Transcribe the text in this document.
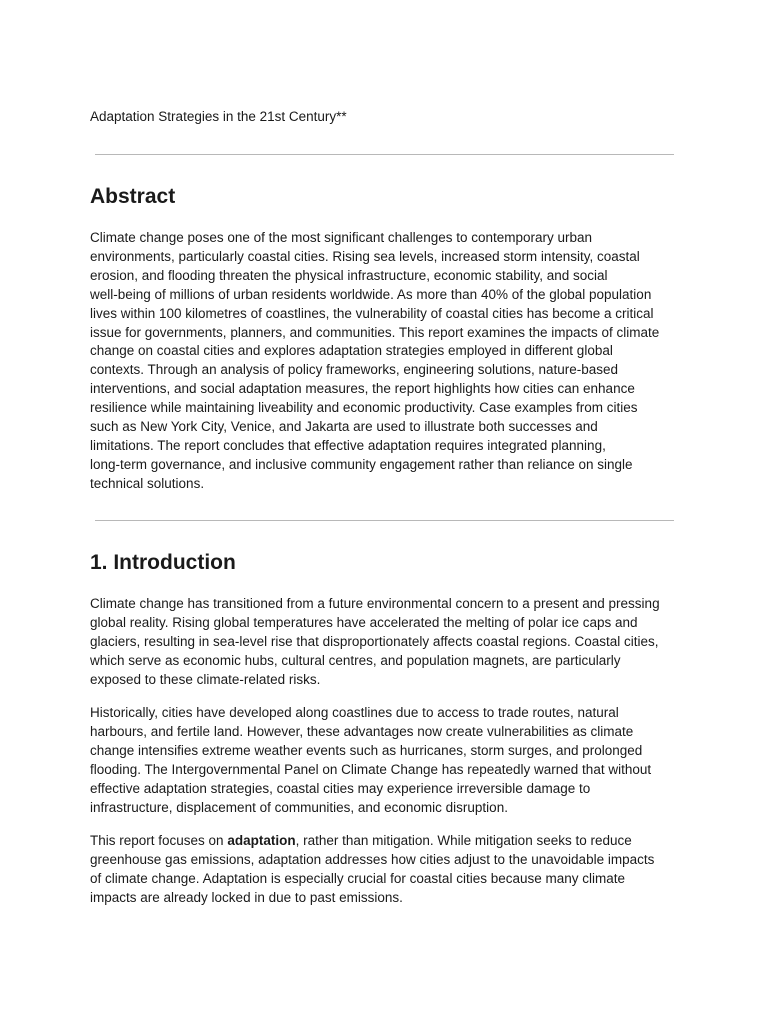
Adaptation Strategies in the 21st Century**
Abstract

Climate change poses one of the most significant challenges to contemporary urban
environments, particularly coastal cities. Rising sea levels, increased storm intensity, coastal
erosion, and flooding threaten the physical infrastructure, economic stability, and social
well-being of millions of urban residents worldwide. As more than 40% of the global population
lives within 100 kilometres of coastlines, the vulnerability of coastal cities has become a critical
issue for governments, planners, and communities. This report examines the impacts of climate
change on coastal cities and explores adaptation strategies employed in different global
contexts. Through an analysis of policy frameworks, engineering solutions, nature-based
interventions, and social adaptation measures, the report highlights how cities can enhance
resilience while maintaining liveability and economic productivity. Case examples from cities
such as New York City, Venice, and Jakarta are used to illustrate both successes and
limitations. The report concludes that effective adaptation requires integrated planning,
long-term governance, and inclusive community engagement rather than reliance on single
technical solutions.

1. Introduction

Climate change has transitioned from a future environmental concern to a present and pressing
global reality. Rising global temperatures have accelerated the melting of polar ice caps and
glaciers, resulting in sea-level rise that disproportionately affects coastal regions. Coastal cities,
which serve as economic hubs, cultural centres, and population magnets, are particularly
exposed to these climate-related risks.

Historically, cities have developed along coastlines due to access to trade routes, natural
harbours, and fertile land. However, these advantages now create vulnerabilities as climate
change intensifies extreme weather events such as hurricanes, storm surges, and prolonged
flooding. The Intergovernmental Panel on Climate Change has repeatedly warned that without
effective adaptation strategies, coastal cities may experience irreversible damage to
infrastructure, displacement of communities, and economic disruption.

This report focuses on adaptation, rather than mitigation. While mitigation seeks to reduce
greenhouse gas emissions, adaptation addresses how cities adjust to the unavoidable impacts
of climate change. Adaptation is especially crucial for coastal cities because many climate
impacts are already locked in due to past emissions.
